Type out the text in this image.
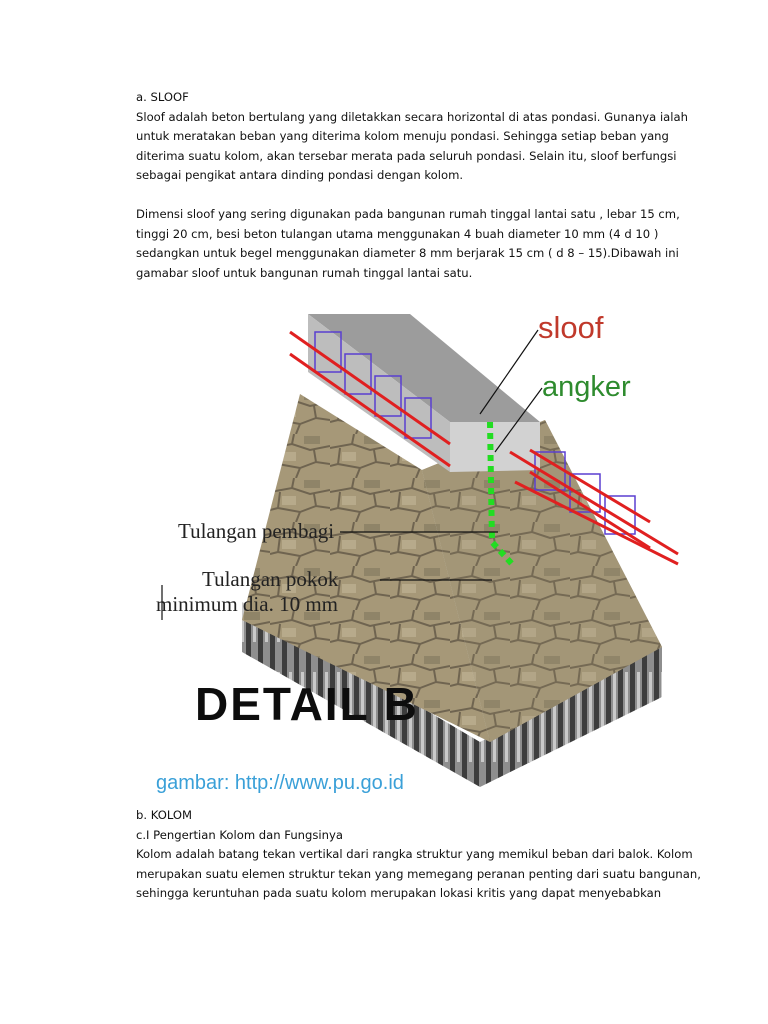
a. SLOOF

Sloof adalah beton bertulang yang diletakkan secara horizontal di atas pondasi. Gunanya ialah

untuk meratakan beban yang diterima kolom menuju pondasi. Sehingga setiap beban yang

diterima suatu kolom, akan tersebar merata pada seluruh pondasi. Selain itu, sloof berfungsi

sebagai pengikat antara dinding pondasi dengan kolom.

Dimensi sloof yang sering digunakan pada bangunan rumah tinggal lantai satu , lebar 15 cm,

tinggi 20 cm, besi beton tulangan utama menggunakan 4 buah diameter 10 mm (4 d 10 )

sedangkan untuk begel menggunakan diameter 8 mm berjarak 15 cm ( d 8 – 15).Dibawah ini

gamabar sloof untuk bangunan rumah tinggal lantai satu.

sloof
angker
Tulangan pembagi
Tulangan pokok
minimum dia. 10 mm
DETAIL B
gambar: http://www.pu.go.id

b. KOLOM

c.I Pengertian Kolom dan Fungsinya

Kolom adalah batang tekan vertikal dari rangka struktur yang memikul beban dari balok. Kolom

merupakan suatu elemen struktur tekan yang memegang peranan penting dari suatu bangunan,

sehingga keruntuhan pada suatu kolom merupakan lokasi kritis yang dapat menyebabkan
